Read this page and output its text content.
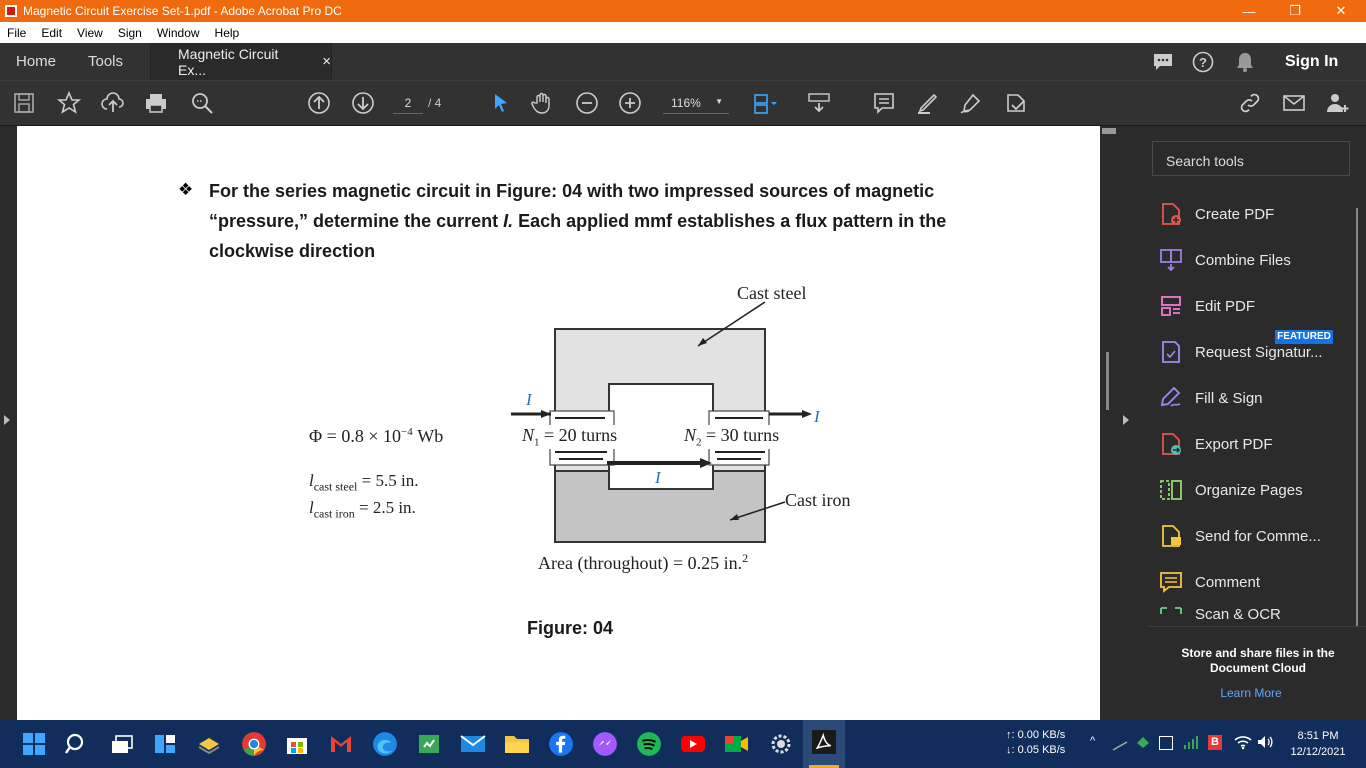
Magnetic Circuit Exercise Set-1.pdf - Adobe Acrobat Pro DC	—	❐	✕
File Edit View Sign Window Help
Home Tools	Magnetic Circuit Ex...	×	?	Sign In
2	/ 4	116% ▼
❖ For the series magnetic circuit in Figure: 04 with two impressed sources of magnetic
“pressure,” determine the current I. Each applied mmf establishes a flux pattern in the
clockwise direction
Cast steel
Cast iron
I
I
I
$N_1 = 20$ turns	$N_2 = 30$ turns
$\Phi = 0.8 \times 10^{-4}$ Wb
$l_{cast steel} = 5.5$ in.
$l_{cast iron} = 2.5$ in.
Area (throughout) = 0.25 in.$^2$
Figure: 04
Search tools
Create PDF
Combine Files
Edit PDF
FEATURED
Request Signatur...
Fill & Sign
Export PDF
Organize Pages
Send for Comme...
Comment
Scan & OCR
Store and share files in the Document Cloud
Learn More
↑: 0.00 KB/s
↓: 0.05 KB/s
^	B	8:51 PM
12/12/2021
